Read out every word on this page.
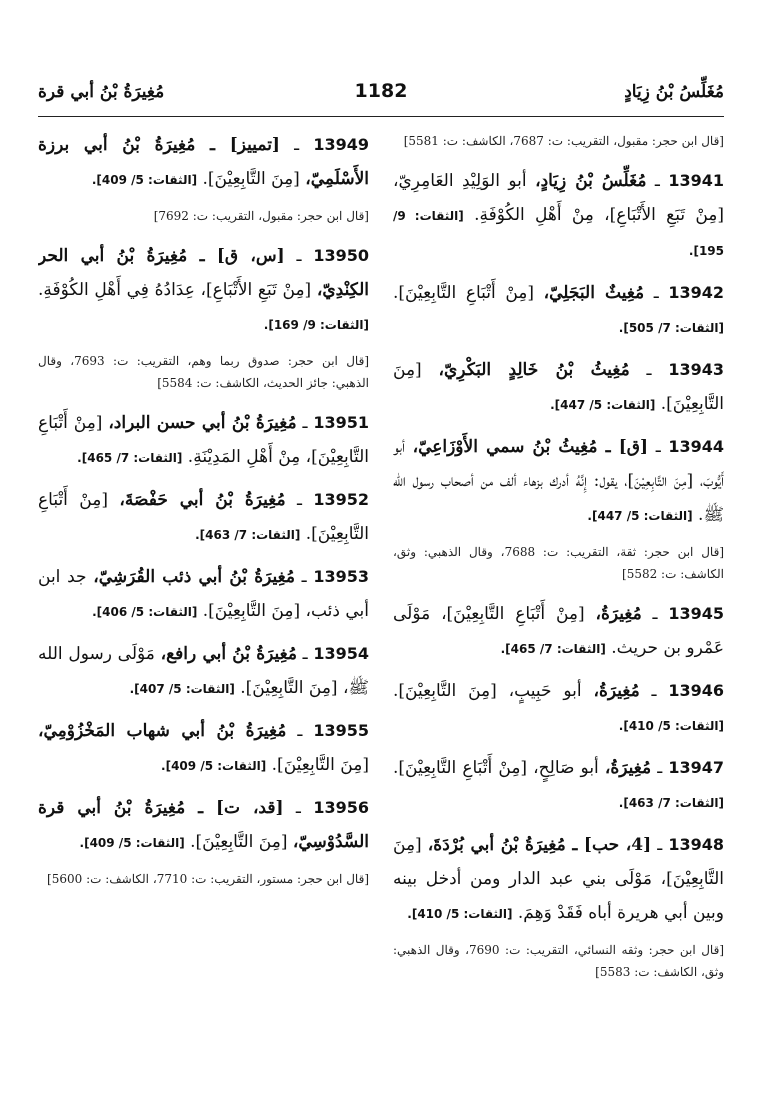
مُغَلِّسُ بْنُ زِيَادٍ
1182
مُغِيرَةُ بْنُ أبي قرة
[قال ابن حجر: مقبول، التقريب: ت: 7687، الكاشف: ت: 5581]
13941 ـ مُغَلِّسُ بْنُ زِيَادٍ، أبو الوَلِيْدِ العَامِرِيّ، [مِنْ تَبَعِ الأَتْبَاعِ]، مِنْ أَهْلِ الكُوْفَةِ. [الثقات: 9/ 195].
13942 ـ مُغِيثٌ البَجَلِيّ، [مِنْ أَتْبَاعِ التَّابِعِيْنَ]. [الثقات: 7/ 505].
13943 ـ مُغِيثُ بْنُ خَالِدٍ البَكْرِيّ، [مِنَ التَّابِعِيْنَ]. [الثقات: 5/ 447].
13944 ـ [ق] ـ مُغِيثُ بْنُ سمي الأَوْزَاعِيّ، أبو أَيُّوبَ، [مِنَ التَّابِعِيْنَ]، يقول: إِنَّهُ أدرك بزهاء ألف من أصحاب رسول الله ﷺ. [الثقات: 5/ 447].
[قال ابن حجر: ثقة، التقريب: ت: 7688، وقال الذهبي: وثق، الكاشف: ت: 5582]
13945 ـ مُغِيرَةُ، [مِنْ أَتْبَاعِ التَّابِعِيْنَ]، مَوْلَى عَمْرو بن حريث. [الثقات: 7/ 465].
13946 ـ مُغِيرَةُ، أبو حَبِيبٍ، [مِنَ التَّابِعِيْنَ]. [الثقات: 5/ 410].
13947 ـ مُغِيرَةُ، أبو صَالِحٍ، [مِنْ أَتْبَاعِ التَّابِعِيْنَ]. [الثقات: 7/ 463].
13948 ـ [4، حب] ـ مُغِيرَةُ بْنُ أبي بُرْدَةَ، [مِنَ التَّابِعِيْنَ]، مَوْلَى بني عبد الدار ومن أدخل بينه وبين أبي هريرة أباه فَقَدْ وَهِمَ. [الثقات: 5/ 410].
[قال ابن حجر: وثقه النسائي، التقريب: ت: 7690، وقال الذهبي: وثق، الكاشف: ت: 5583]
13949 ـ [تمييز] ـ مُغِيرَةُ بْنُ أبي برزة الأَسْلَمِيّ، [مِنَ التَّابِعِيْنَ]. [الثقات: 5/ 409].
[قال ابن حجر: مقبول، التقريب: ت: 7692]
13950 ـ [س، ق] ـ مُغِيرَةُ بْنُ أبي الحر الكِنْدِيّ، [مِنْ تَبَعِ الأَتْبَاعِ]، عِدَادُهُ فِي أَهْلِ الكُوْفَةِ. [الثقات: 9/ 169].
[قال ابن حجر: صدوق ربما وهم، التقريب: ت: 7693، وقال الذهبي: جائز الحديث، الكاشف: ت: 5584]
13951 ـ مُغِيرَةُ بْنُ أبي حسن البراد، [مِنْ أَتْبَاعِ التَّابِعِيْنَ]، مِنْ أَهْلِ المَدِيْنَةِ. [الثقات: 7/ 465].
13952 ـ مُغِيرَةُ بْنُ أبي حَفْصَةَ، [مِنْ أَتْبَاعِ التَّابِعِيْنَ]. [الثقات: 7/ 463].
13953 ـ مُغِيرَةُ بْنُ أبي ذئب القُرَشِيّ، جد ابن أبي ذئب، [مِنَ التَّابِعِيْنَ]. [الثقات: 5/ 406].
13954 ـ مُغِيرَةُ بْنُ أبي رافع، مَوْلَى رسول الله ﷺ، [مِنَ التَّابِعِيْنَ]. [الثقات: 5/ 407].
13955 ـ مُغِيرَةُ بْنُ أبي شهاب المَخْزُوْمِيّ، [مِنَ التَّابِعِيْنَ]. [الثقات: 5/ 409].
13956 ـ [قد، ت] ـ مُغِيرَةُ بْنُ أبي قرة السَّدُوْسِيّ، [مِنَ التَّابِعِيْنَ]. [الثقات: 5/ 409].
[قال ابن حجر: مستور، التقريب: ت: 7710، الكاشف: ت: 5600]
